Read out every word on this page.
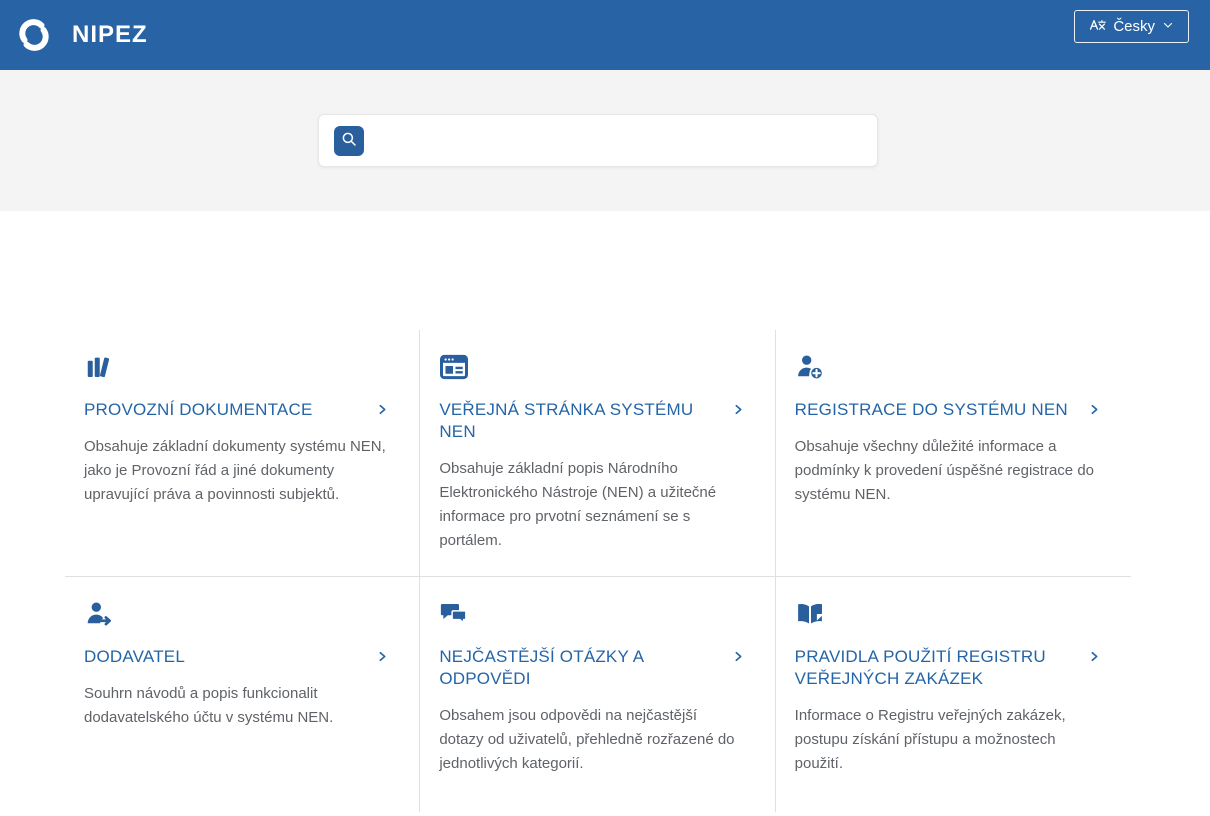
NIPEZ	Česky
PROVOZNÍ DOKUMENTACE
Obsahuje základní dokumenty systému NEN, jako je Provozní řád a jiné dokumenty upravující práva a povinnosti subjektů.
VEŘEJNÁ STRÁNKA SYSTÉMU NEN
Obsahuje základní popis Národního Elektronického Nástroje (NEN) a užitečné informace pro prvotní seznámení se s portálem.
REGISTRACE DO SYSTÉMU NEN
Obsahuje všechny důležité informace a podmínky k provedení úspěšné registrace do systému NEN.
DODAVATEL
Souhrn návodů a popis funkcionalit dodavatelského účtu v systému NEN.
NEJČASTĚJŠÍ OTÁZKY A ODPOVĚDI
Obsahem jsou odpovědi na nejčastější dotazy od uživatelů, přehledně rozřazené do jednotlivých kategorií.
PRAVIDLA POUŽITÍ REGISTRU VEŘEJNÝCH ZAKÁZEK
Informace o Registru veřejných zakázek, postupu získání přístupu a možnostech použití.
